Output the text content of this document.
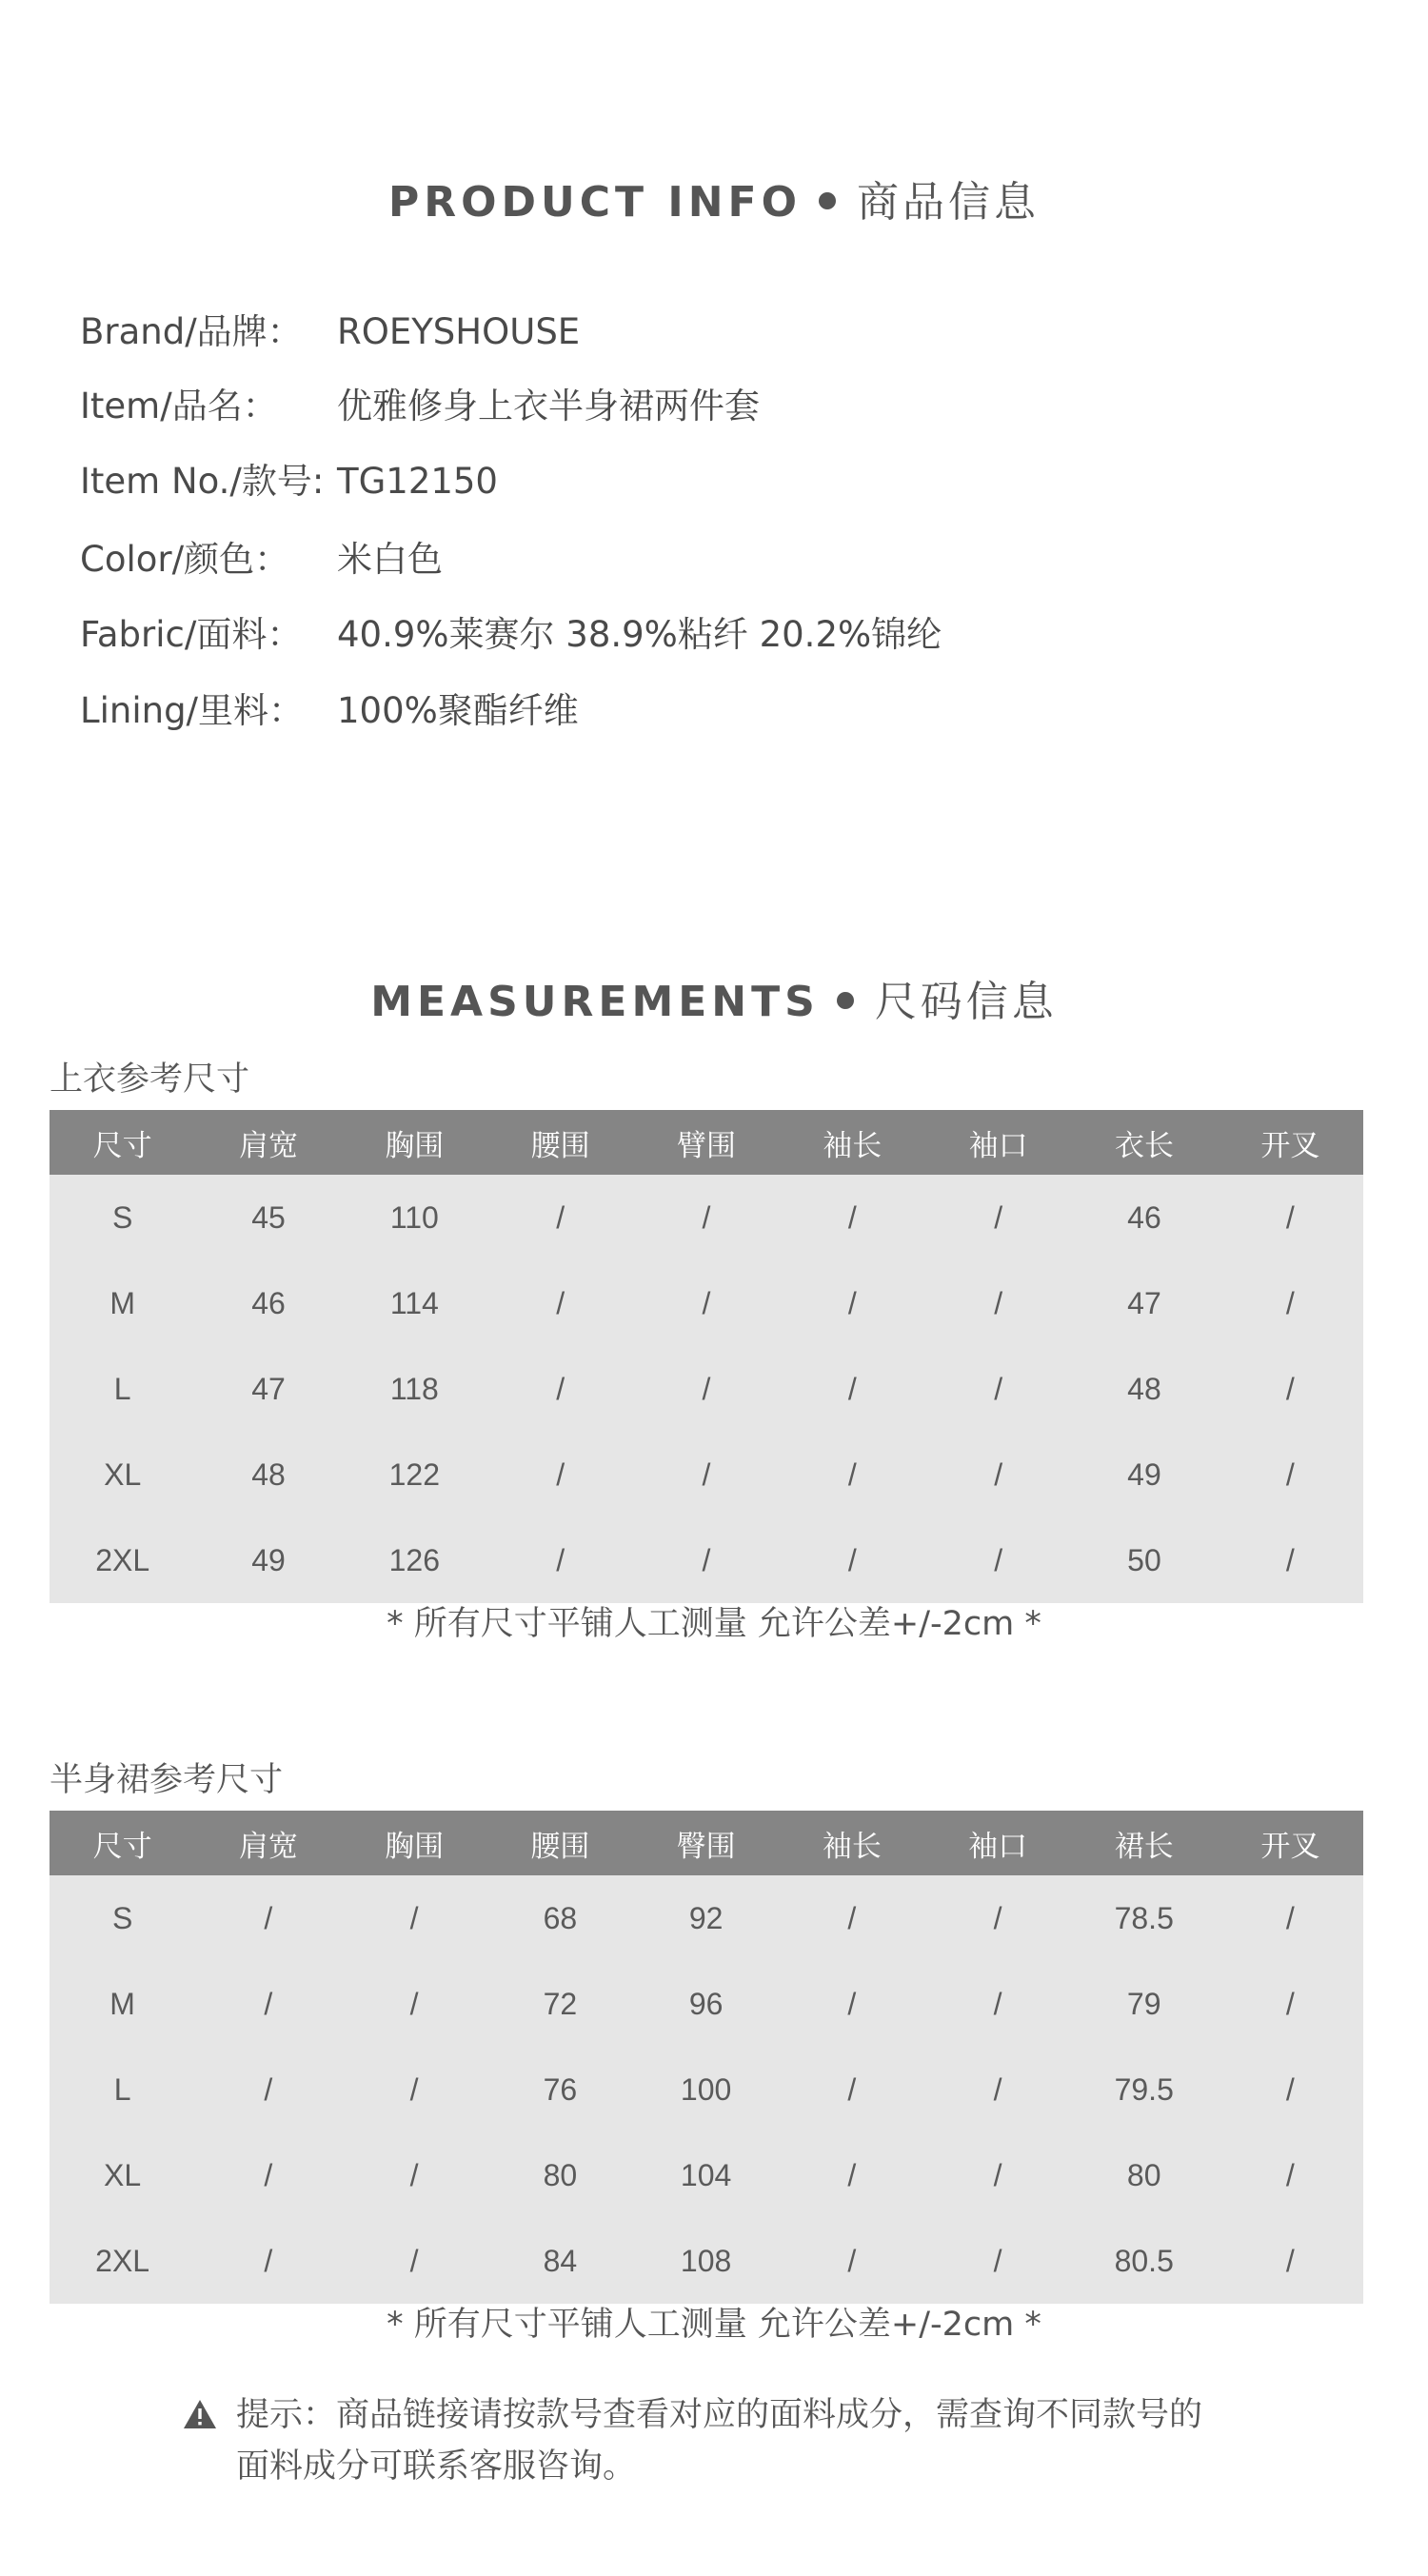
PRODUCT INFO 商品信息
Brand/品牌： ROEYSHOUSE
Item/品名： 优雅修身上衣半身裙两件套
Item No./款号: TG12150
Color/颜色： 米白色
Fabric/面料： 40.9%莱赛尔 38.9%粘纤 20.2%锦纶
Lining/里料： 100%聚酯纤维
MEASUREMENTS 尺码信息
上衣参考尺寸
尺寸	肩宽	胸围	腰围	臂围	袖长	袖口	衣长	开叉
S	45	110	/	/	/	/	46	/
M	46	114	/	/	/	/	47	/
L	47	118	/	/	/	/	48	/
XL	48	122	/	/	/	/	49	/
2XL	49	126	/	/	/	/	50	/
* 所有尺寸平铺人工测量 允许公差+/-2cm *
半身裙参考尺寸
尺寸	肩宽	胸围	腰围	臀围	袖长	袖口	裙长	开叉
S	/	/	68	92	/	/	78.5	/
M	/	/	72	96	/	/	79	/
L	/	/	76	100	/	/	79.5	/
XL	/	/	80	104	/	/	80	/
2XL	/	/	84	108	/	/	80.5	/
* 所有尺寸平铺人工测量 允许公差+/-2cm *
提示：商品链接请按款号查看对应的面料成分，需查询不同款号的
面料成分可联系客服咨询。
